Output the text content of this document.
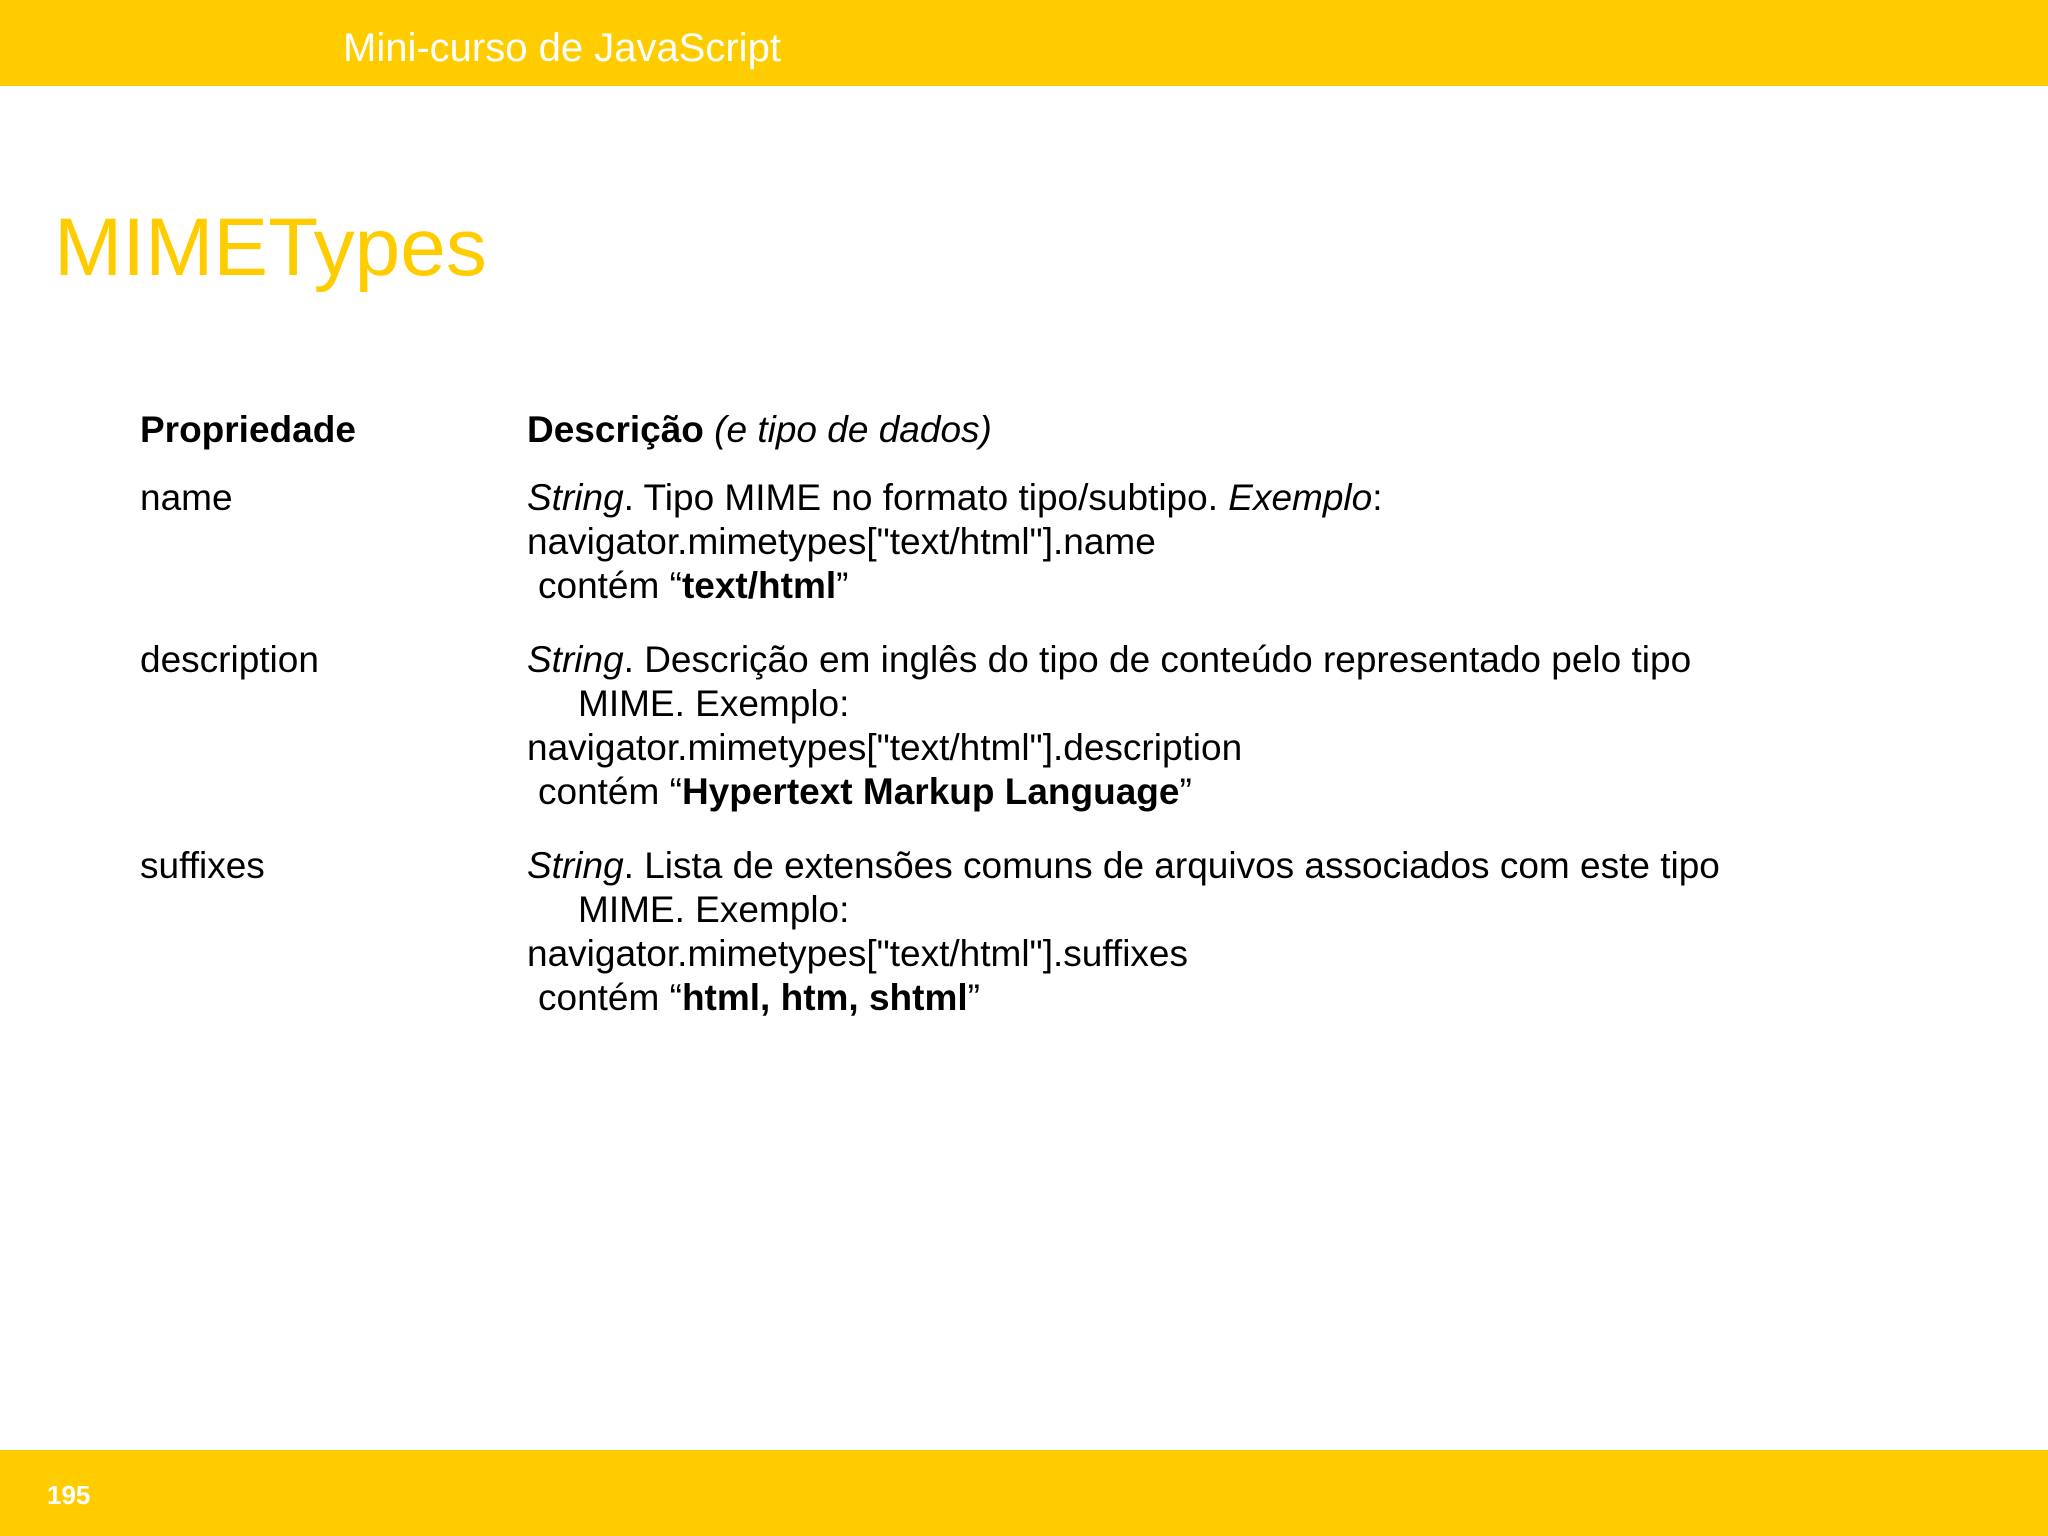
Mini-curso de JavaScript
MIMETypes
Propriedade	Descrição (e tipo de dados)
name	String. Tipo MIME no formato tipo/subtipo. Exemplo:
navigator.mimetypes["text/html"].name
contém “text/html”
description	String. Descrição em inglês do tipo de conteúdo representado pelo tipo
MIME. Exemplo:
navigator.mimetypes["text/html"].description
contém “Hypertext Markup Language”
suffixes	String. Lista de extensões comuns de arquivos associados com este tipo
MIME. Exemplo:
navigator.mimetypes["text/html"].suffixes
contém “html, htm, shtml”
195
